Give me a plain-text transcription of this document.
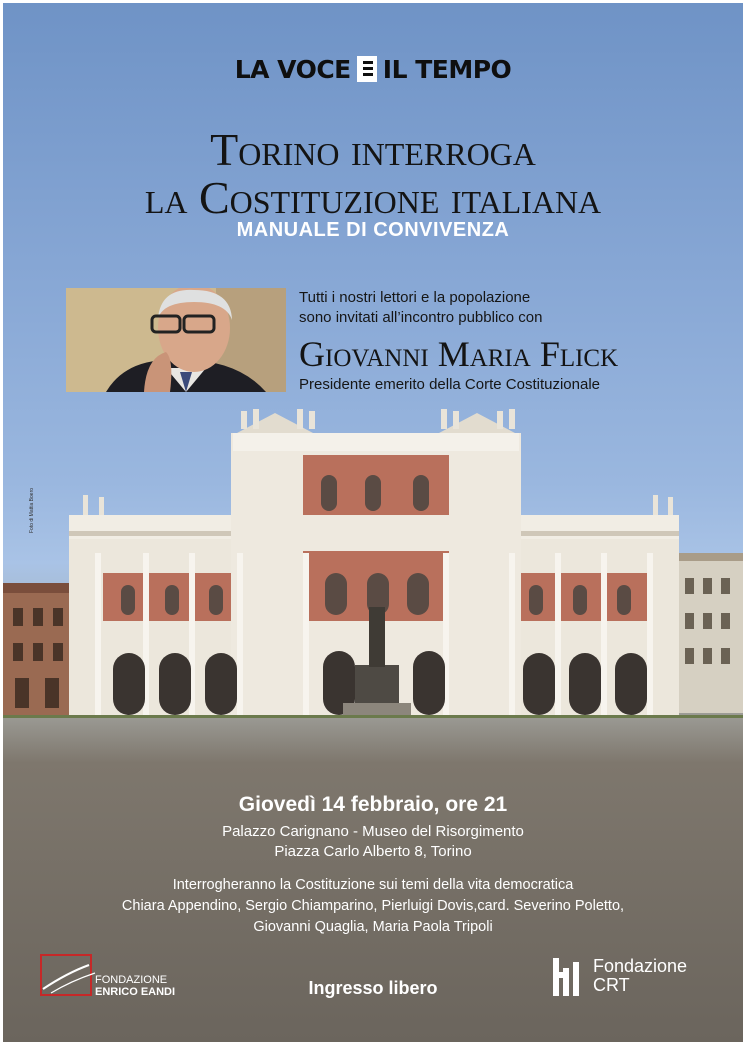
LA VOCE IL TEMPO
Torino interroga
la Costituzione italiana
MANUALE DI CONVIVENZA
Tutti i nostri lettori e la popolazione
sono invitati all’incontro pubblico con
Giovanni Maria Flick
Presidente emerito della Corte Costituzionale
Foto di Mattia Boero
Giovedì 14 febbraio, ore 21
Palazzo Carignano - Museo del Risorgimento
Piazza Carlo Alberto 8, Torino
Interrogheranno la Costituzione sui temi della vita democratica
Chiara Appendino, Sergio Chiamparino, Pierluigi Dovis,card. Severino Poletto,
Giovanni Quaglia, Maria Paola Tripoli
FONDAZIONE
ENRICO EANDI	Ingresso libero
Fondazione
CRT
